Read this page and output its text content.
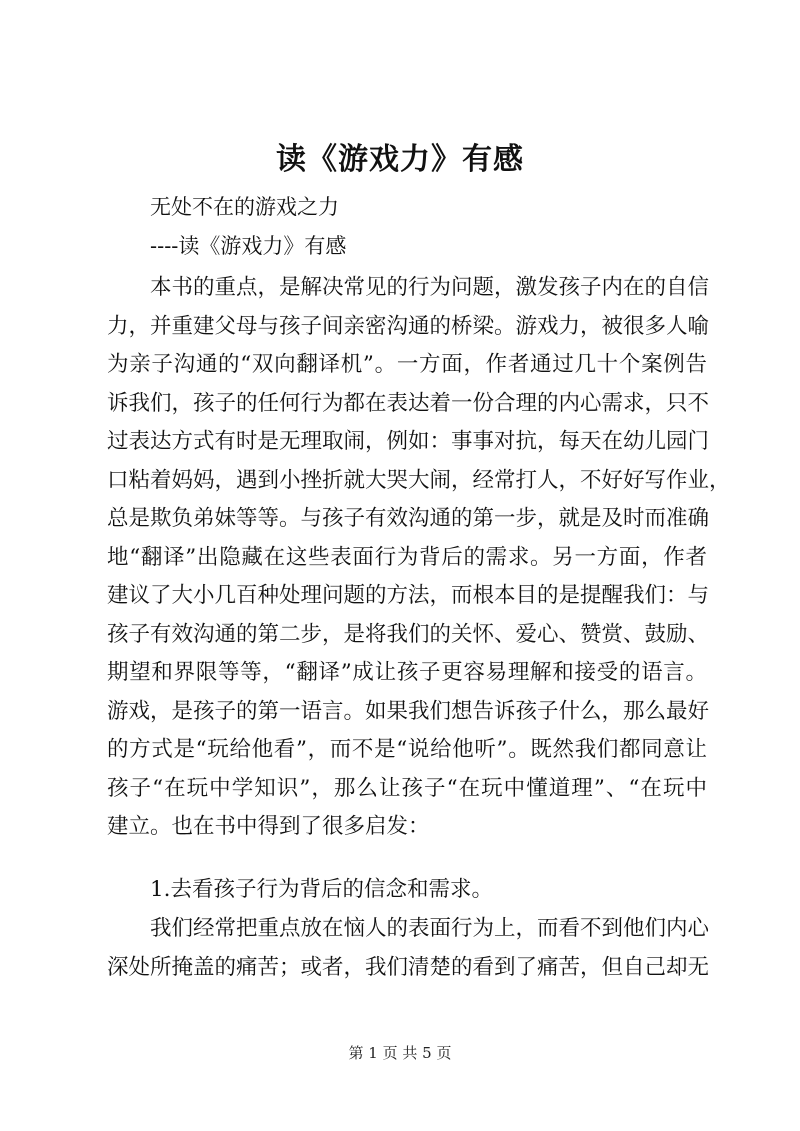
读《游戏力》有感
无处不在的游戏之力
----读《游戏力》有感
本书的重点，是解决常见的行为问题，激发孩子内在的自信
力，并重建父母与孩子间亲密沟通的桥梁。游戏力，被很多人喻
为亲子沟通的“双向翻译机”。一方面，作者通过几十个案例告
诉我们，孩子的任何行为都在表达着一份合理的内心需求，只不
过表达方式有时是无理取闹，例如：事事对抗，每天在幼儿园门
口粘着妈妈，遇到小挫折就大哭大闹，经常打人，不好好写作业，
总是欺负弟妹等等。与孩子有效沟通的第一步，就是及时而准确
地“翻译”出隐藏在这些表面行为背后的需求。另一方面，作者
建议了大小几百种处理问题的方法，而根本目的是提醒我们：与
孩子有效沟通的第二步，是将我们的关怀、爱心、赞赏、鼓励、
期望和界限等等，“翻译”成让孩子更容易理解和接受的语言。
游戏，是孩子的第一语言。如果我们想告诉孩子什么，那么最好
的方式是“玩给他看”，而不是“说给他听”。既然我们都同意让
孩子“在玩中学知识”，那么让孩子“在玩中懂道理”、“在玩中
建立。也在书中得到了很多启发：
1.去看孩子行为背后的信念和需求。
我们经常把重点放在恼人的表面行为上，而看不到他们内心
深处所掩盖的痛苦；或者，我们清楚的看到了痛苦，但自己却无
第 1 页 共 5 页
